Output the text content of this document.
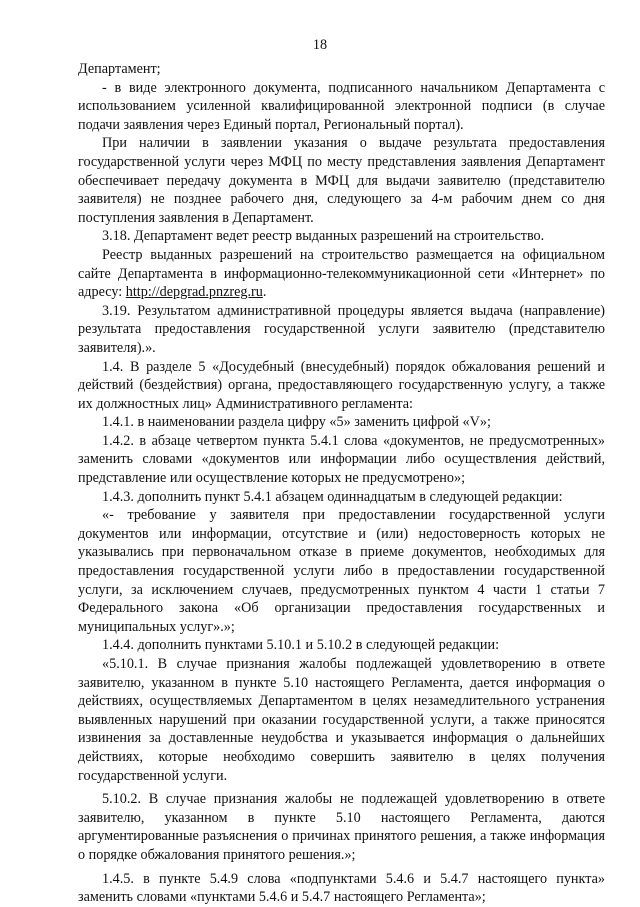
18

Департамент;

- в виде электронного документа, подписанного начальником Департамента с использованием усиленной квалифицированной электронной подписи (в случае подачи заявления через Единый портал, Региональный портал).

При наличии в заявлении указания о выдаче результата предоставления государственной услуги через МФЦ по месту представления заявления Департамент обеспечивает передачу документа в МФЦ для выдачи заявителю (представителю заявителя) не позднее рабочего дня, следующего за 4-м рабочим днем со дня поступления заявления в Департамент.

3.18. Департамент ведет реестр выданных разрешений на строительство.

Реестр выданных разрешений на строительство размещается на официальном сайте Департамента в информационно-телекоммуникационной сети «Интернет» по адресу: http://depgrad.pnzreg.ru.

3.19. Результатом административной процедуры является выдача (направление) результата предоставления государственной услуги заявителю (представителю заявителя).».

1.4. В разделе 5 «Досудебный (внесудебный) порядок обжалования решений и действий (бездействия) органа, предоставляющего государственную услугу, а также их должностных лиц» Административного регламента:

1.4.1. в наименовании раздела цифру «5» заменить цифрой «V»;

1.4.2. в абзаце четвертом пункта 5.4.1 слова «документов, не предусмотренных» заменить словами «документов или информации либо осуществления действий, представление или осуществление которых не предусмотрено»;

1.4.3. дополнить пункт 5.4.1 абзацем одиннадцатым в следующей редакции:

«- требование у заявителя при предоставлении государственной услуги документов или информации, отсутствие и (или) недостоверность которых не указывались при первоначальном отказе в приеме документов, необходимых для предоставления государственной услуги либо в предоставлении государственной услуги, за исключением случаев, предусмотренных пунктом 4 части 1 статьи 7 Федерального закона «Об организации предоставления государственных и муниципальных услуг».»;

1.4.4. дополнить пунктами 5.10.1 и 5.10.2 в следующей редакции:

«5.10.1. В случае признания жалобы подлежащей удовлетворению в ответе заявителю, указанном в пункте 5.10 настоящего Регламента, дается информация о действиях, осуществляемых Департаментом в целях незамедлительного устранения выявленных нарушений при оказании государственной услуги, а также приносятся извинения за доставленные неудобства и указывается информация о дальнейших действиях, которые необходимо совершить заявителю в целях получения государственной услуги.

5.10.2. В случае признания жалобы не подлежащей удовлетворению в ответе заявителю, указанном в пункте 5.10 настоящего Регламента, даются аргументированные разъяснения о причинах принятого решения, а также информация о порядке обжалования принятого решения.»;

1.4.5. в пункте 5.4.9 слова «подпунктами 5.4.6 и 5.4.7 настоящего пункта» заменить словами «пунктами 5.4.6 и 5.4.7 настоящего Регламента»;
